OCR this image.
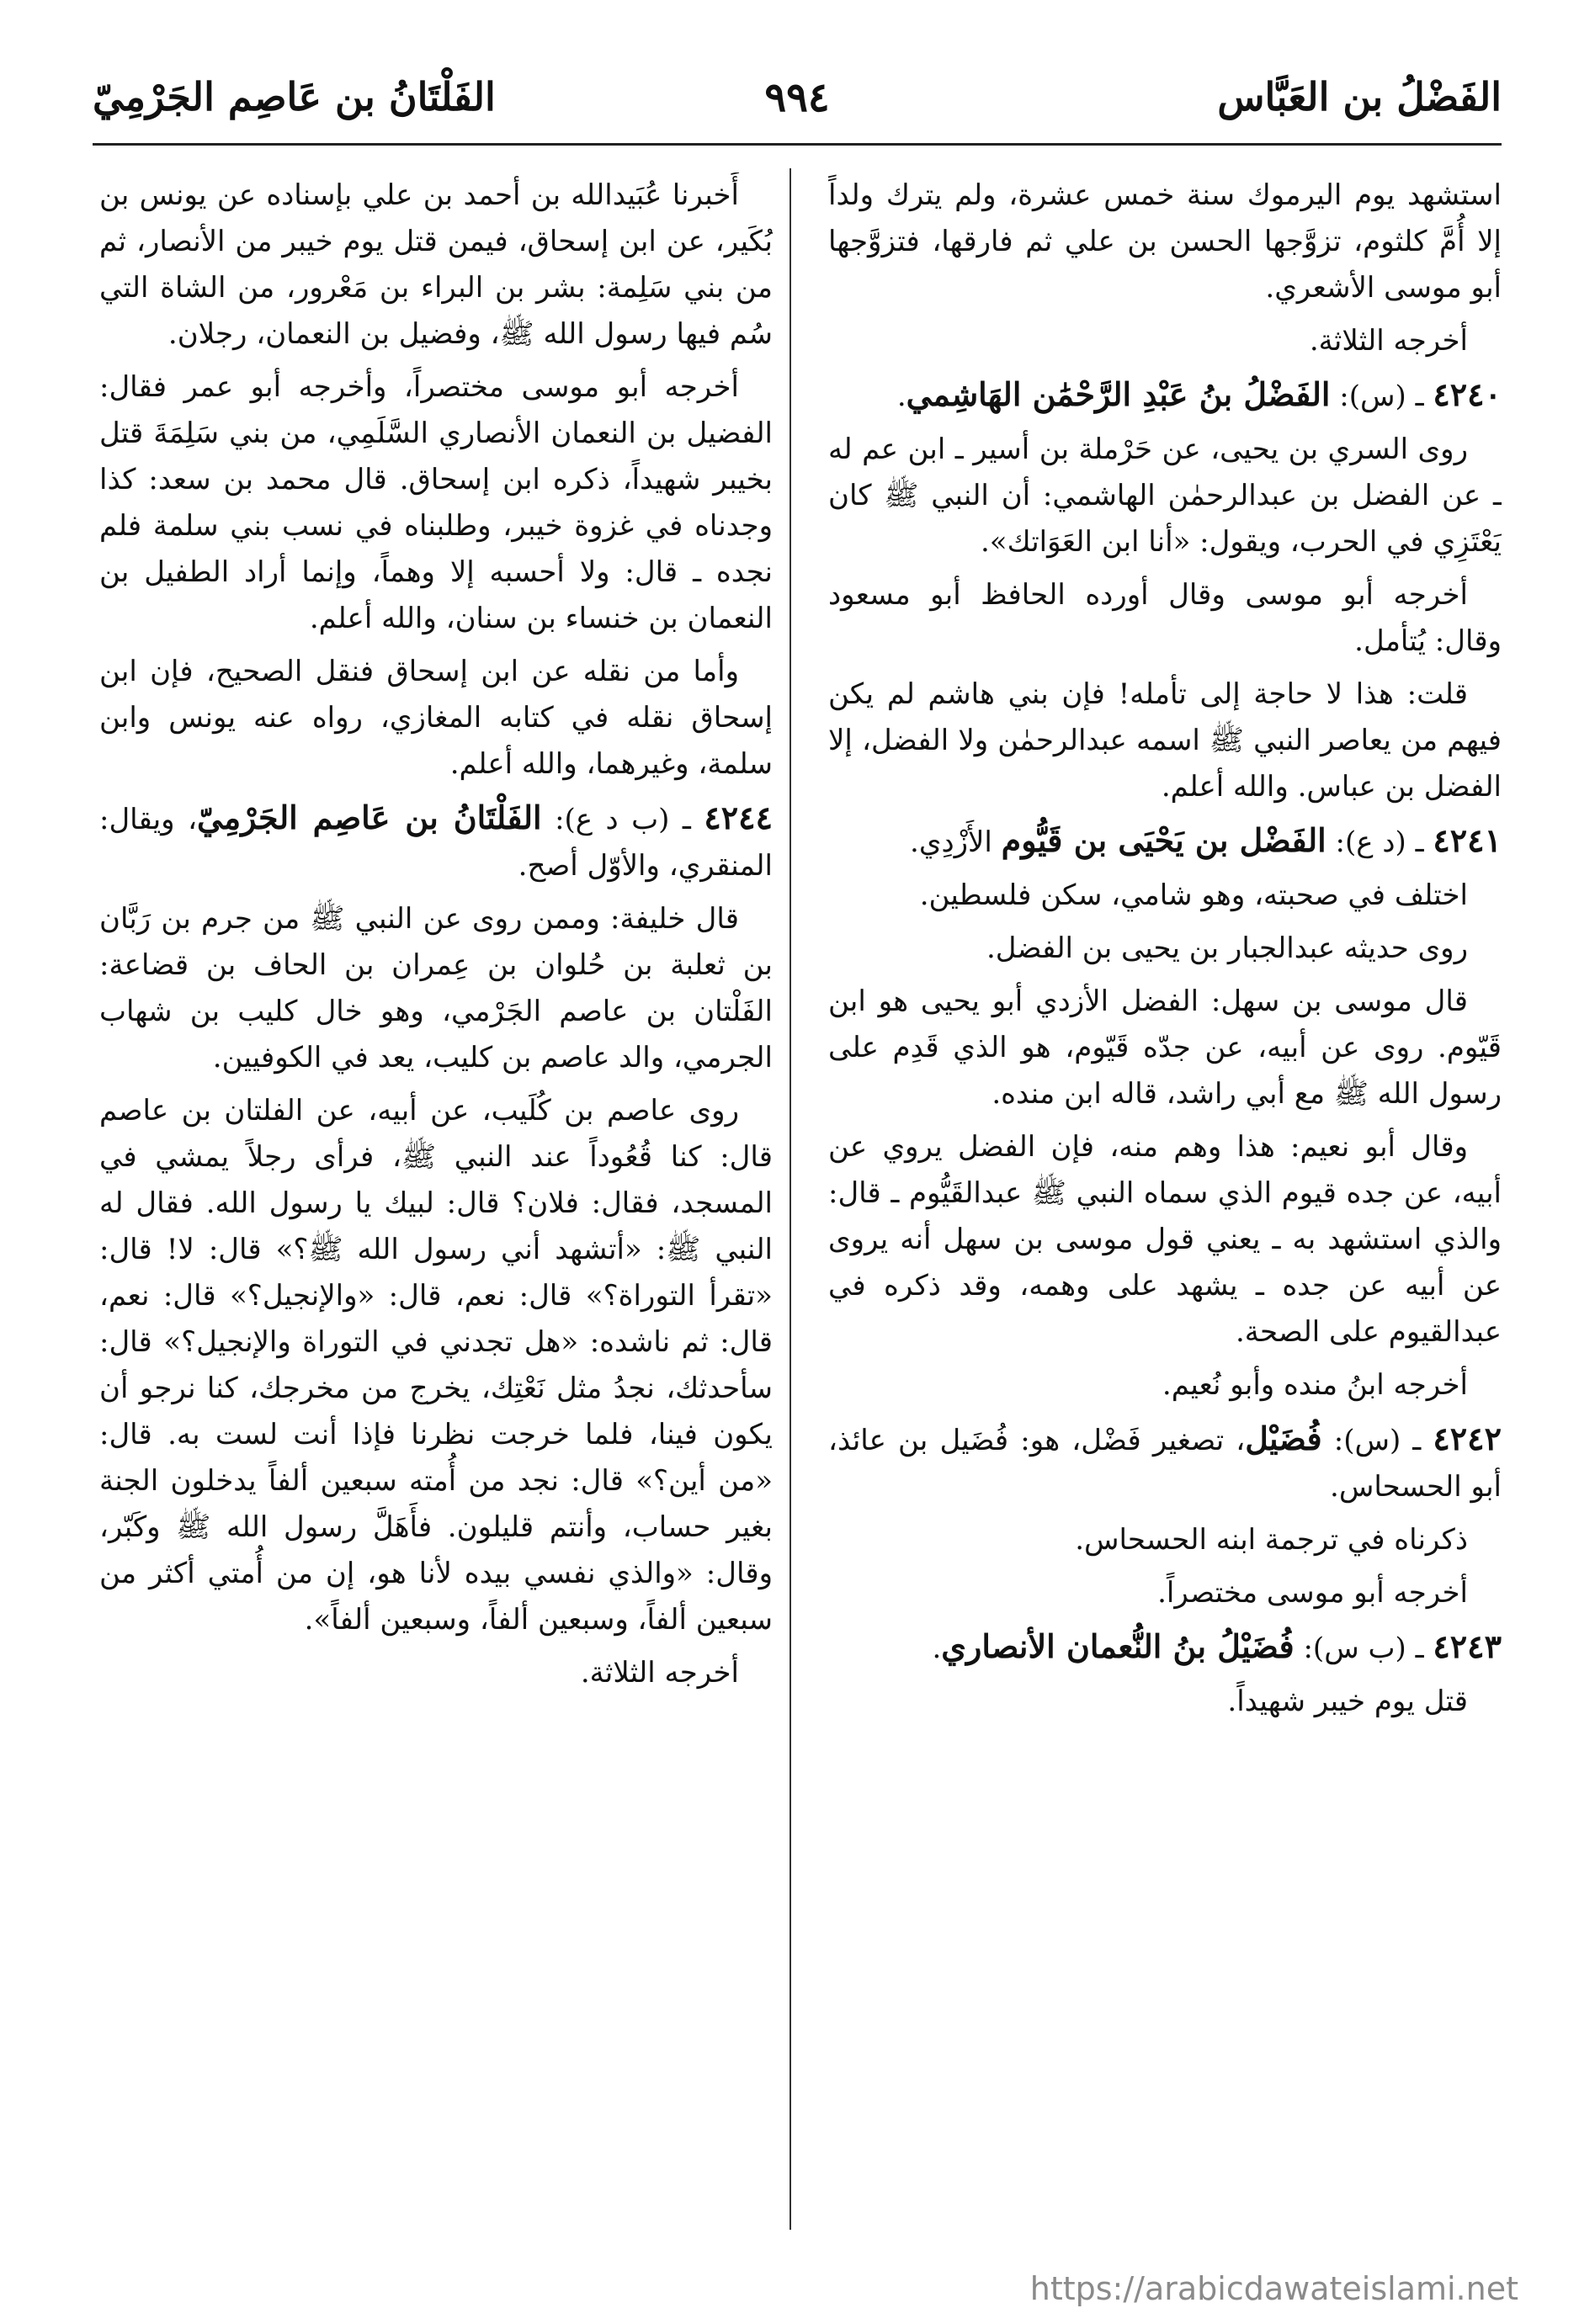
الفَضْلُ بن العَبَّاس
٩٩٤
الفَلْتَانُ بن عَاصِم الجَرْمِيّ

استشهد يوم اليرموك سنة خمس عشرة، ولم يترك ولداً إلا أُمَّ كلثوم، تزوَّجها الحسن بن علي ثم فارقها، فتزوَّجها أبو موسى الأشعري.

أخرجه الثلاثة.

٤٢٤٠ ـ (س): الفَضْلُ بنُ عَبْدِ الرَّحْمَٰن الهَاشِمي.

روى السري بن يحيى، عن حَرْملة بن أسير ـ ابن عم له ـ عن الفضل بن عبدالرحمٰن الهاشمي: أن النبي ﷺ كان يَعْتَزِي في الحرب، ويقول: «أنا ابن العَوَاتك».

أخرجه أبو موسى وقال أورده الحافظ أبو مسعود وقال: يُتأمل.

قلت: هذا لا حاجة إلى تأمله! فإن بني هاشم لم يكن فيهم من يعاصر النبي ﷺ اسمه عبدالرحمٰن ولا الفضل، إلا الفضل بن عباس. والله أعلم.

٤٢٤١ ـ (د ع): الفَضْل بن يَحْيَى بن قَيُّوم الأَزْدِي.

اختلف في صحبته، وهو شامي، سكن فلسطين.

روى حديثه عبدالجبار بن يحيى بن الفضل.

قال موسى بن سهل: الفضل الأزدي أبو يحيى هو ابن قَيّوم. روى عن أبيه، عن جدّه قَيّوم، هو الذي قَدِم على رسول الله ﷺ مع أبي راشد، قاله ابن منده.

وقال أبو نعيم: هذا وهم منه، فإن الفضل يروي عن أبيه، عن جده قيوم الذي سماه النبي ﷺ عبدالقَيُّوم ـ قال: والذي استشهد به ـ يعني قول موسى بن سهل أنه يروى عن أبيه عن جده ـ يشهد على وهمه، وقد ذكره في عبدالقيوم على الصحة.

أخرجه ابنُ منده وأبو نُعيم.

٤٢٤٢ ـ (س): فُضَيْل، تصغير فَضْل، هو: فُضَيل بن عائذ، أبو الحسحاس.

ذكرناه في ترجمة ابنه الحسحاس.

أخرجه أبو موسى مختصراً.

٤٢٤٣ ـ (ب س): فُضَيْلُ بنُ النُّعمان الأنصاري.

قتل يوم خيبر شهيداً.

أَخبرنا عُبَيدالله بن أحمد بن علي بإسناده عن يونس بن بُكَير، عن ابن إسحاق، فيمن قتل يوم خيبر من الأنصار، ثم من بني سَلِمة: بشر بن البراء بن مَعْرور، من الشاة التي سُم فيها رسول الله ﷺ، وفضيل بن النعمان، رجلان.

أخرجه أبو موسى مختصراً، وأخرجه أبو عمر فقال: الفضيل بن النعمان الأنصاري السَّلَمِي، من بني سَلِمَةَ قتل بخيبر شهيداً، ذكره ابن إسحاق. قال محمد بن سعد: كذا وجدناه في غزوة خيبر، وطلبناه في نسب بني سلمة فلم نجده ـ قال: ولا أحسبه إلا وهماً، وإنما أراد الطفيل بن النعمان بن خنساء بن سنان، والله أعلم.

وأما من نقله عن ابن إسحاق فنقل الصحيح، فإن ابن إسحاق نقله في كتابه المغازي، رواه عنه يونس وابن سلمة، وغيرهما، والله أعلم.

٤٢٤٤ ـ (ب د ع): الفَلْتَانُ بن عَاصِم الجَرْمِيّ، ويقال: المنقري، والأوّل أصح.

قال خليفة: وممن روى عن النبي ﷺ من جرم بن رَبَّان بن ثعلبة بن حُلوان بن عِمران بن الحاف بن قضاعة: الفَلْتان بن عاصم الجَرْمي، وهو خال كليب بن شهاب الجرمي، والد عاصم بن كليب، يعد في الكوفيين.

روى عاصم بن كُلَيب، عن أبيه، عن الفلتان بن عاصم قال: كنا قُعُوداً عند النبي ﷺ، فرأى رجلاً يمشي في المسجد، فقال: فلان؟ قال: لبيك يا رسول الله. فقال له النبي ﷺ: «أتشهد أني رسول الله ﷺ؟» قال: لا! قال: «تقرأ التوراة؟» قال: نعم، قال: «والإنجيل؟» قال: نعم، قال: ثم ناشده: «هل تجدني في التوراة والإنجيل؟» قال: سأحدثك، نجدُ مثل نَعْتِك، يخرج من مخرجك، كنا نرجو أن يكون فينا، فلما خرجت نظرنا فإذا أنت لست به. قال: «من أين؟» قال: نجد من أُمته سبعين ألفاً يدخلون الجنة بغير حساب، وأنتم قليلون. فأَهَلَّ رسول الله ﷺ وكَبّر، وقال: «والذي نفسي بيده لأنا هو، إن من أُمتي أكثر من سبعين ألفاً، وسبعين ألفاً، وسبعين ألفاً».

أخرجه الثلاثة.

https://arabicdawateislami.net
